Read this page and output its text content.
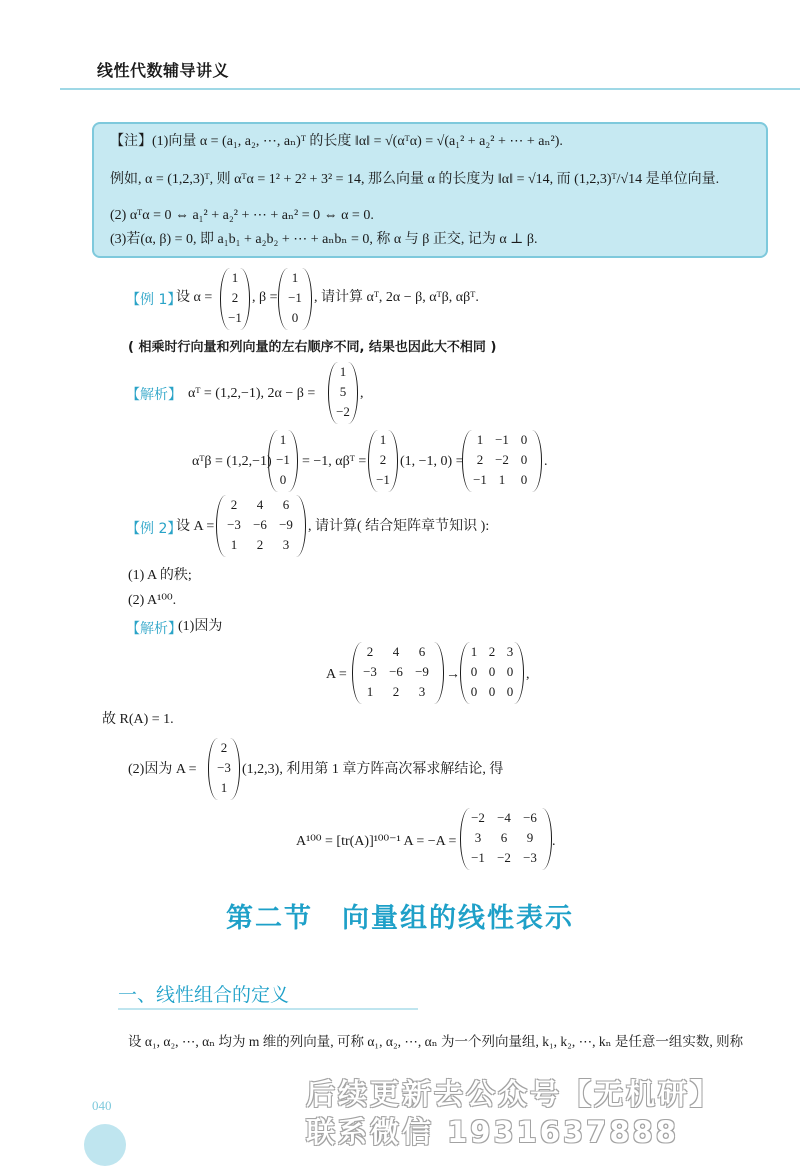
线性代数辅导讲义
【注】(1)向量 α = (a₁, a₂, ⋯, aₙ)ᵀ 的长度 ‖α‖ = √(αᵀα) = √(a₁² + a₂² + ⋯ + aₙ²).
例如, α = (1,2,3)ᵀ, 则 αᵀα = 1² + 2² + 3² = 14, 那么向量 α 的长度为 ‖α‖ = √14, 而 (1,2,3)ᵀ/√14 是单位向量.
(2) αᵀα = 0 ⇔ a₁² + a₂² + ⋯ + aₙ² = 0 ⇔ α = 0.
(3)若(α, β) = 0, 即 a₁b₁ + a₂b₂ + ⋯ + aₙbₙ = 0, 称 α 与 β 正交, 记为 α ⊥ β.
【例 1】
设 α =
1
2
−1
, β =
1
−1
0
, 请计算 αᵀ, 2α − β, αᵀβ, αβᵀ.
( 相乘时行向量和列向量的左右顺序不同, 结果也因此大不相同 )
【解析】 αᵀ = (1,2,−1), 2α − β =
1
5
−2
,
αᵀβ = (1,2,−1)
1
−1
0
= −1, αβᵀ =
1
2
−1
(1, −1, 0) =
1 −1 0
2 −2 0
−1 1	0
.
【例 2】
设 A =
2	4	6
−3 −6 −9
1	2	3
, 请计算( 结合矩阵章节知识 ):
(1) A 的秩;
(2) A¹⁰⁰.
【解析】
(1)因为
A =
2	4	6
−3 −6 −9
1	2	3
→
1 2 3
0 0 0
0 0 0
,
故 R(A) = 1.
(2)因为 A =
2
−3
1
(1,2,3), 利用第 1 章方阵高次幂求解结论, 得
A¹⁰⁰ = [tr(A)]¹⁰⁰⁻¹ A = −A =
−2 −4 −6
3	6	9
−1 −2 −3
.
第二节　向量组的线性表示
一、线性组合的定义
设 α₁, α₂, ⋯, αₙ 均为 m 维的列向量, 可称 α₁, α₂, ⋯, αₙ 为一个列向量组, k₁, k₂, ⋯, kₙ 是任意一组实数, 则称
040	后续更新去公众号【无机研】
联系微信 1931637888
